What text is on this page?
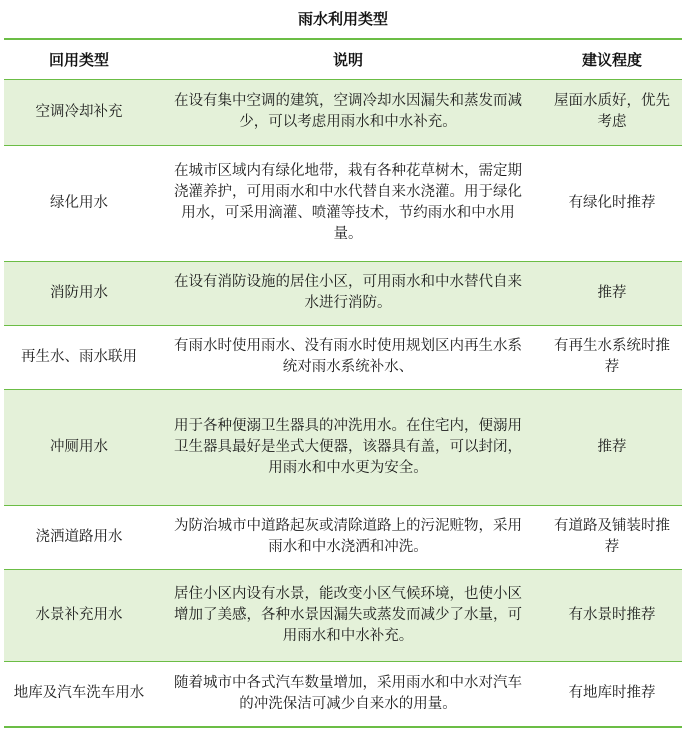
雨水利用类型
回用类型	说明	建议程度
空调冷却补充	在设有集中空调的建筑，空调冷却水因漏失和蒸发而减少，可以考虑用雨水和中水补充。	屋面水质好，优先考虑
绿化用水	在城市区域内有绿化地带，栽有各种花草树木，需定期浇灌养护，可用雨水和中水代替自来水浇灌。用于绿化用水，可采用滴灌、喷灌等技术，节约雨水和中水用量。	有绿化时推荐
消防用水	在设有消防设施的居住小区，可用雨水和中水替代自来水进行消防。	推荐
再生水、雨水联用	有雨水时使用雨水、没有雨水时使用规划区内再生水系统对雨水系统补水、	有再生水系统时推荐
冲厕用水	用于各种便溺卫生器具的冲洗用水。在住宅内，便溺用卫生器具最好是坐式大便器，该器具有盖，可以封闭，用雨水和中水更为安全。	推荐
浇洒道路用水	为防治城市中道路起灰或清除道路上的污泥赃物，采用雨水和中水浇洒和冲洗。	有道路及铺装时推荐
水景补充用水	居住小区内设有水景，能改变小区气候环境，也使小区增加了美感，各种水景因漏失或蒸发而减少了水量，可用雨水和中水补充。	有水景时推荐
地库及汽车洗车用水	随着城市中各式汽车数量增加，采用雨水和中水对汽车的冲洗保洁可减少自来水的用量。	有地库时推荐
